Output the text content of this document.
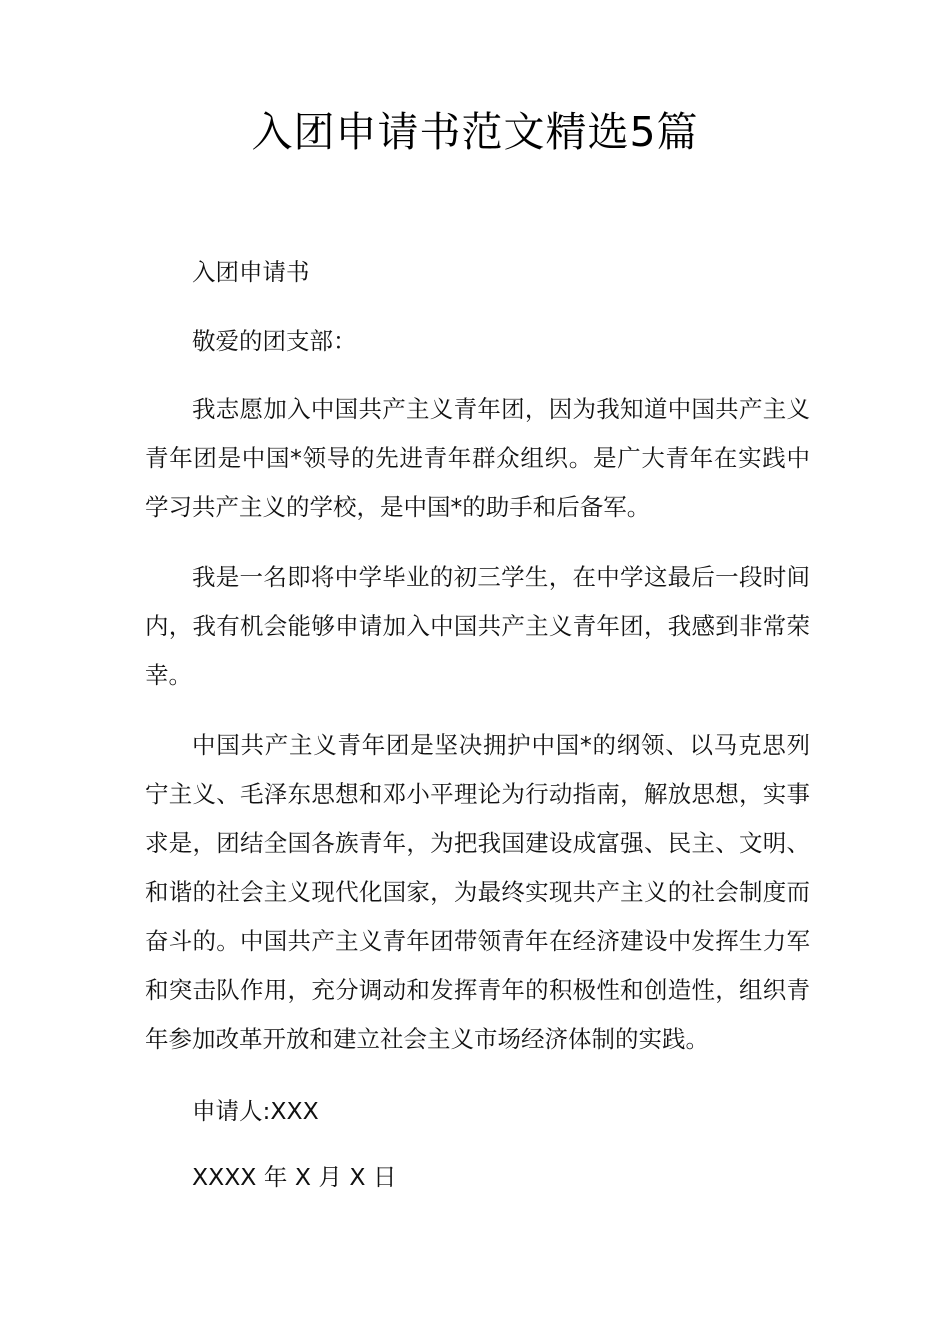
入团申请书范文精选5篇

入团申请书

敬爱的团支部：

我志愿加入中国共产主义青年团，因为我知道中国共产主义青年团是中国*领导的先进青年群众组织。是广大青年在实践中学习共产主义的学校，是中国*的助手和后备军。

我是一名即将中学毕业的初三学生，在中学这最后一段时间内，我有机会能够申请加入中国共产主义青年团，我感到非常荣幸。

中国共产主义青年团是坚决拥护中国*的纲领、以马克思列宁主义、毛泽东思想和邓小平理论为行动指南，解放思想，实事求是，团结全国各族青年，为把我国建设成富强、民主、文明、和谐的社会主义现代化国家，为最终实现共产主义的社会制度而奋斗的。中国共产主义青年团带领青年在经济建设中发挥生力军和突击队作用，充分调动和发挥青年的积极性和创造性，组织青年参加改革开放和建立社会主义市场经济体制的实践。

申请人:XXX

XXXX 年 X 月 X 日
